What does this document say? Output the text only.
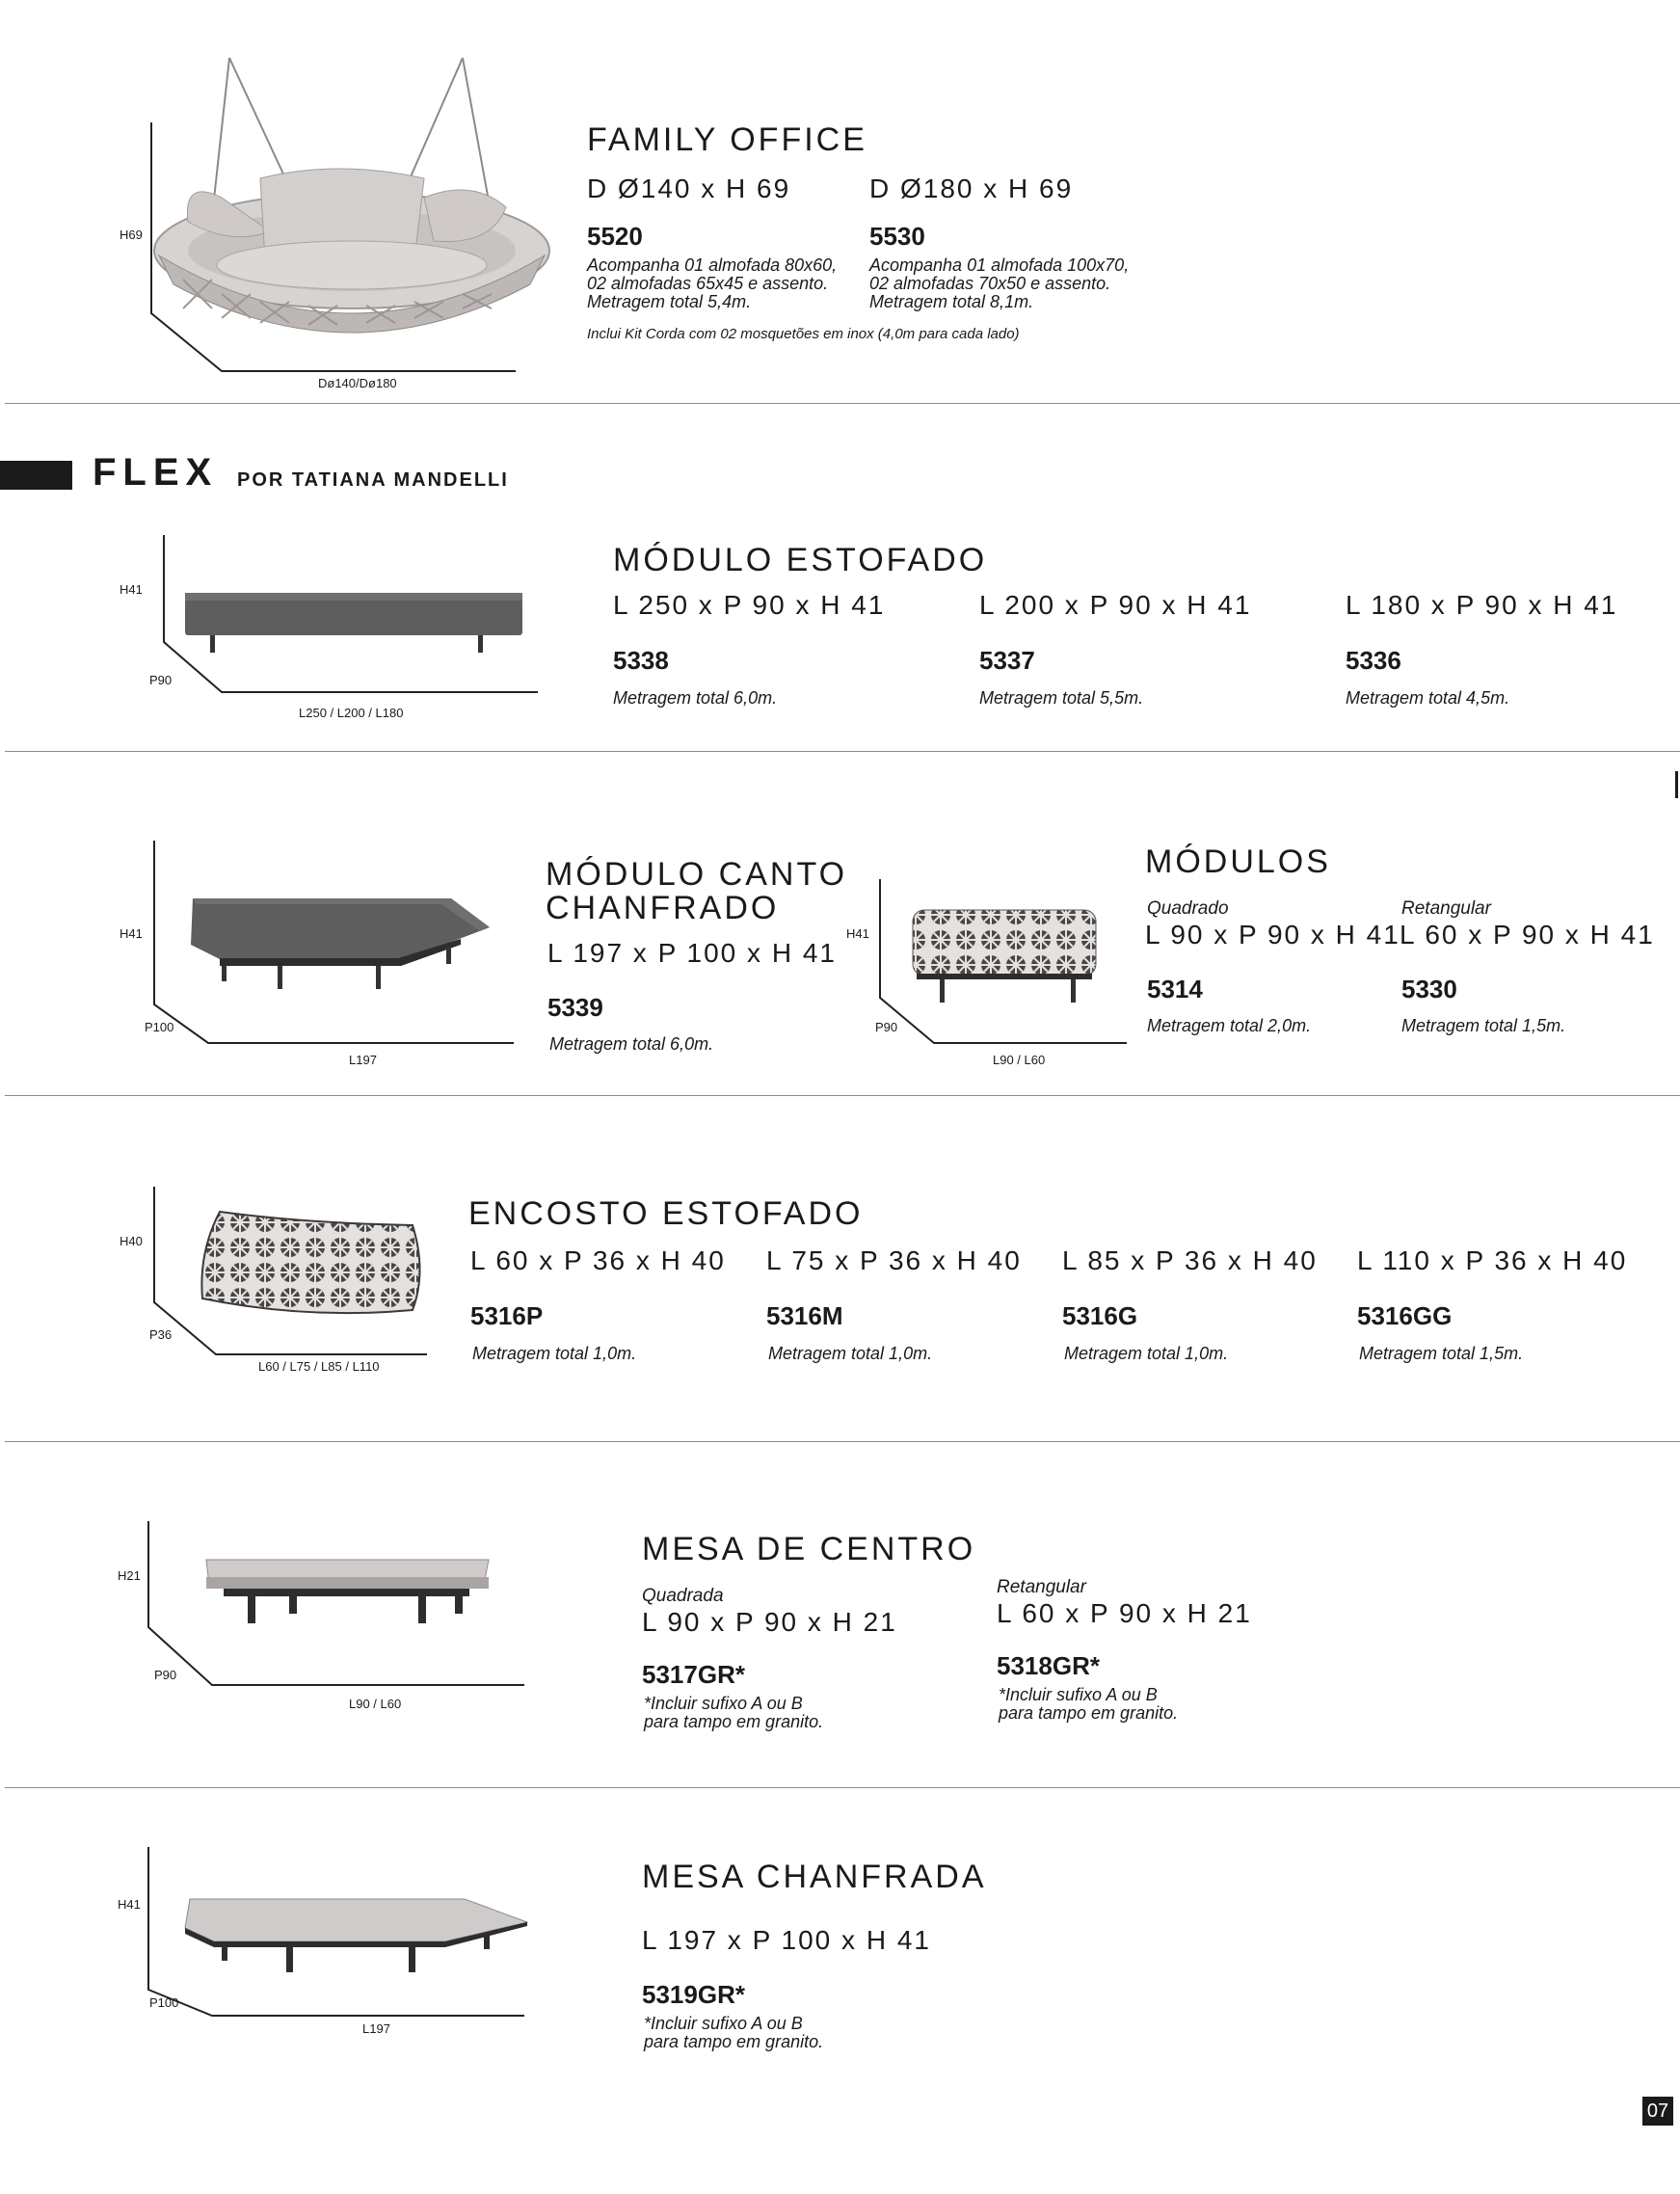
H69
Dø140/Dø180
FAMILY OFFICE
D Ø140 x H 69	D Ø180 x H 69
5520	5530
Acompanha 01 almofada 80x60,
02 almofadas 65x45 e assento.
Metragem total 5,4m.
Acompanha 01 almofada 100x70,
02 almofadas 70x50 e assento.
Metragem total 8,1m.
Inclui Kit Corda com 02 mosquetões em inox (4,0m para cada lado)
FLEX POR TATIANA MANDELLI
H41
P90
L250 / L200 / L180
MÓDULO ESTOFADO
L 250 x P 90 x H 41	L 200 x P 90 x H 41	L 180 x P 90 x H 41
5338	5337	5336
Metragem total 6,0m.	Metragem total 5,5m.	Metragem total 4,5m.
H41
P100
L197
MÓDULO CANTO
CHANFRADO
L 197 x P 100 x H 41
5339
Metragem total 6,0m.
H41
P90
L90 / L60
MÓDULOS
Quadrado	Retangular
L 90 x P 90 x H 41 L 60 x P 90 x H 41
5314	5330
Metragem total 2,0m.	Metragem total 1,5m.
H40
P36
L60 / L75 / L85 / L110
ENCOSTO ESTOFADO
L 60 x P 36 x H 40 L 75 x P 36 x H 40 L 85 x P 36 x H 40 L 110 x P 36 x H 40
5316P	5316M	5316G	5316GG
Metragem total 1,0m.	Metragem total 1,0m.	Metragem total 1,0m.	Metragem total 1,5m.
H21
P90
L90 / L60
MESA DE CENTRO
Quadrada	Retangular
L 90 x P 90 x H 21	L 60 x P 90 x H 21
5317GR*	5318GR*
*Incluir sufixo A ou B
para tampo em granito.
*Incluir sufixo A ou B
para tampo em granito.
H41
P100
L197
MESA CHANFRADA
L 197 x P 100 x H 41
5319GR*
*Incluir sufixo A ou B
para tampo em granito.
07
